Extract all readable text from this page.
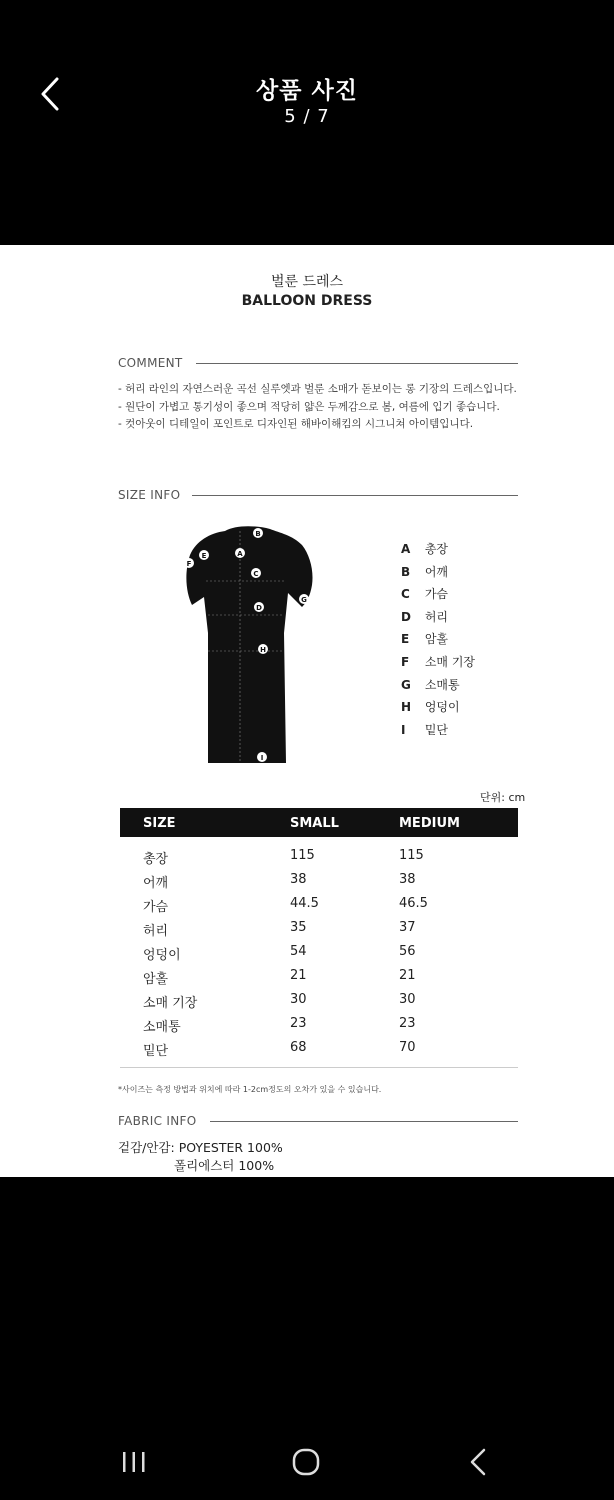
상품 사진
5 / 7
벌룬 드레스
BALLOON DRESS
COMMENT
- 허리 라인의 자연스러운 곡선 실루엣과 벌룬 소매가 돋보이는 롱 기장의 드레스입니다.
- 원단이 가볍고 통기성이 좋으며 적당히 얇은 두께감으로 봄, 여름에 입기 좋습니다.
- 컷아웃이 디테일이 포인트로 디자인된 해바이해킴의 시그니쳐 아이템입니다.
SIZE INFO
B
A
E
F
C
D
G
H
I
A 총장
B 어깨
C 가슴
D 허리
E 암홀
F 소매 기장
G 소매통
H 엉덩이
I 밑단
단위: cm
SIZE	SMALL	MEDIUM
총장	115	115
어깨	38	38
가슴	44.5	46.5
허리	35	37
엉덩이	54	56
암홀	21	21
소매 기장	30	30
소매통	23	23
밑단	68	70
*사이즈는 측정 방법과 위치에 따라 1-2cm정도의 오차가 있을 수 있습니다.
FABRIC INFO
겉감/안감: POYESTER 100%
폴리에스터 100%
